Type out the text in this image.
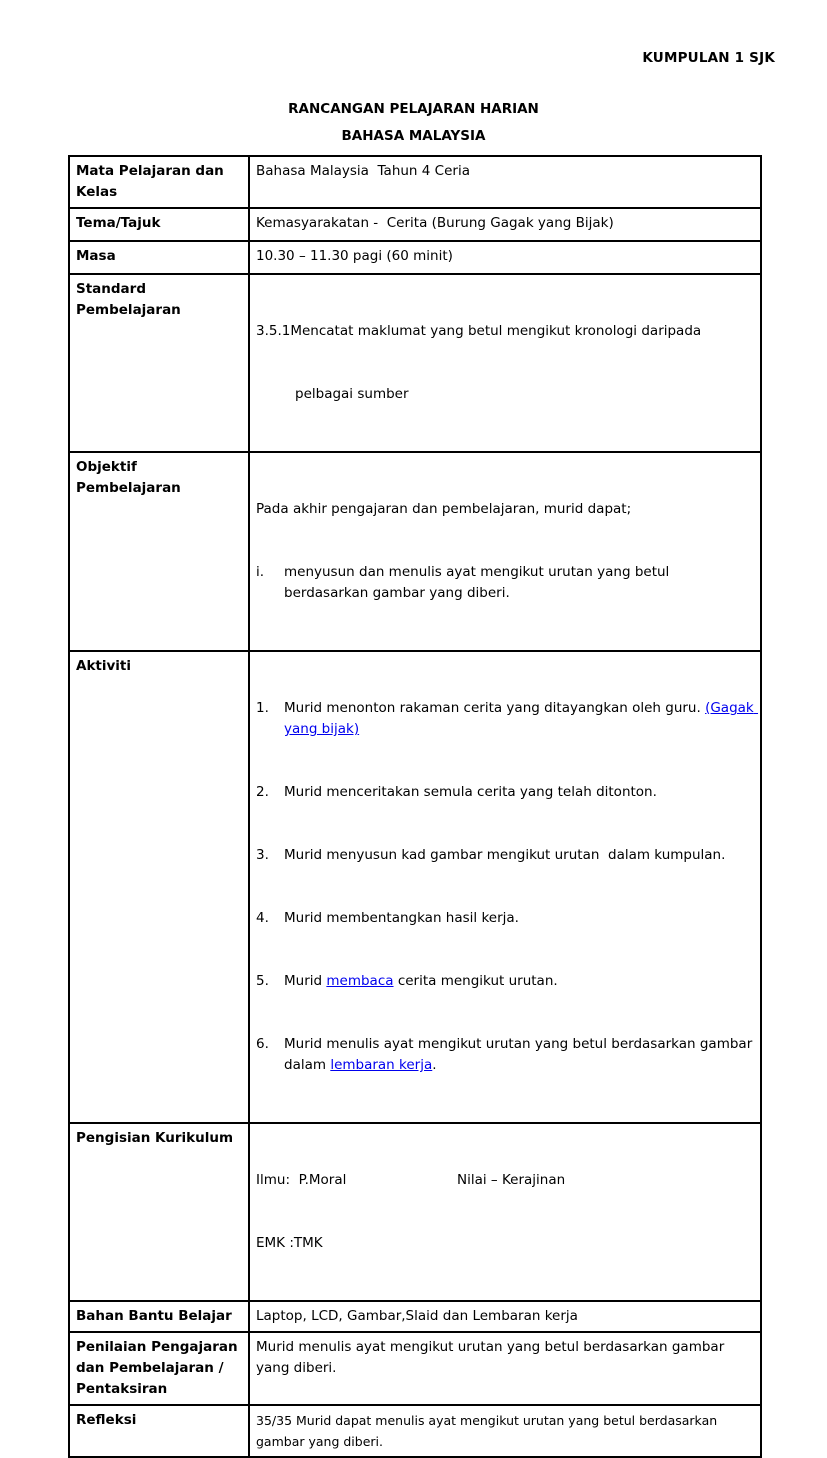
KUMPULAN 1 SJK
RANCANGAN PELAJARAN HARIAN
BAHASA MALAYSIA
Mata Pelajaran dan Kelas	Bahasa Malaysia  Tahun 4 Ceria
Tema/Tajuk	Kemasyarakatan -  Cerita (Burung Gagak yang Bijak)
Masa	10.30 – 11.30 pagi (60 minit)
Standard Pembelajaran	3.5.1Mencatat maklumat yang betul mengikut kronologi daripada

pelbagai sumber

Objektif Pembelajaran	Pada akhir pengajaran dan pembelajaran, murid dapat;

i. menyusun dan menulis ayat mengikut urutan yang betul berdasarkan gambar yang diberi.

Aktiviti	

1.	Murid menonton rakaman cerita yang ditayangkan oleh guru. (Gagak yang bijak)

2.	Murid menceritakan semula cerita yang telah ditonton.

3.	Murid menyusun kad gambar mengikut urutan  dalam kumpulan.

4.	Murid membentangkan hasil kerja.

5.	Murid membaca cerita mengikut urutan.

6.	Murid menulis ayat mengikut urutan yang betul berdasarkan gambar dalam lembaran kerja.

Pengisian Kurikulum	Ilmu:  P.Moral Nilai – Kerajinan

EMK :TMK

Bahan Bantu Belajar	Laptop, LCD, Gambar,Slaid dan Lembaran kerja
Penilaian Pengajaran dan Pembelajaran / Pentaksiran	Murid menulis ayat mengikut urutan yang betul berdasarkan gambar yang diberi.
Refleksi	35/35 Murid dapat menulis ayat mengikut urutan yang betul berdasarkan gambar yang diberi.
